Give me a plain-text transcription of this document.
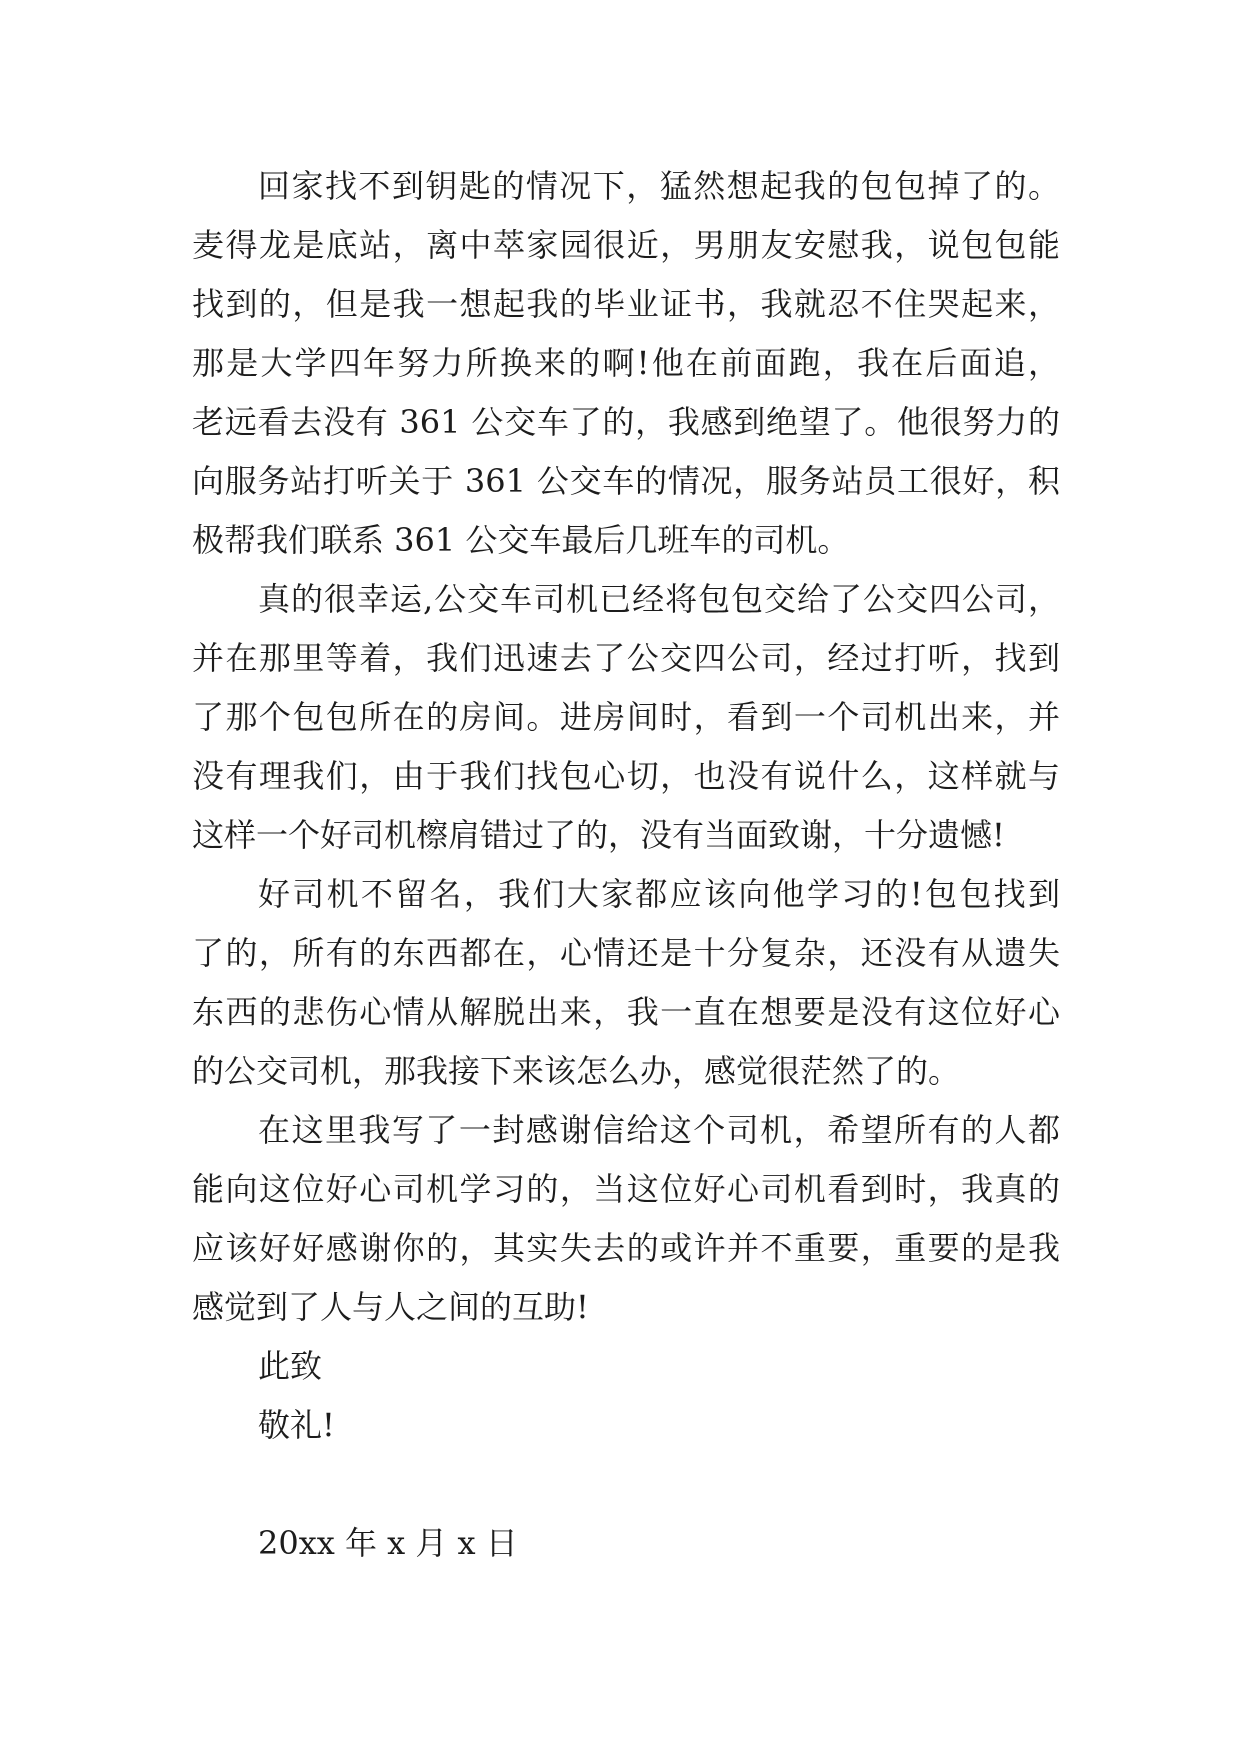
回家找不到钥匙的情况下，猛然想起我的包包掉了的。
麦得龙是底站，离中萃家园很近，男朋友安慰我，说包包能
找到的，但是我一想起我的毕业证书，我就忍不住哭起来，
那是大学四年努力所换来的啊!他在前面跑，我在后面追，
老远看去没有 361 公交车了的，我感到绝望了。他很努力的
向服务站打听关于 361 公交车的情况，服务站员工很好，积
极帮我们联系 361 公交车最后几班车的司机。
真的很幸运,公交车司机已经将包包交给了公交四公司，
并在那里等着，我们迅速去了公交四公司，经过打听，找到
了那个包包所在的房间。进房间时，看到一个司机出来，并
没有理我们，由于我们找包心切，也没有说什么，这样就与
这样一个好司机檫肩错过了的，没有当面致谢，十分遗憾!
好司机不留名，我们大家都应该向他学习的!包包找到
了的，所有的东西都在，心情还是十分复杂，还没有从遗失
东西的悲伤心情从解脱出来，我一直在想要是没有这位好心
的公交司机，那我接下来该怎么办，感觉很茫然了的。
在这里我写了一封感谢信给这个司机，希望所有的人都
能向这位好心司机学习的，当这位好心司机看到时，我真的
应该好好感谢你的，其实失去的或许并不重要，重要的是我
感觉到了人与人之间的互助!
此致
敬礼!
20xx 年 x 月 x 日
